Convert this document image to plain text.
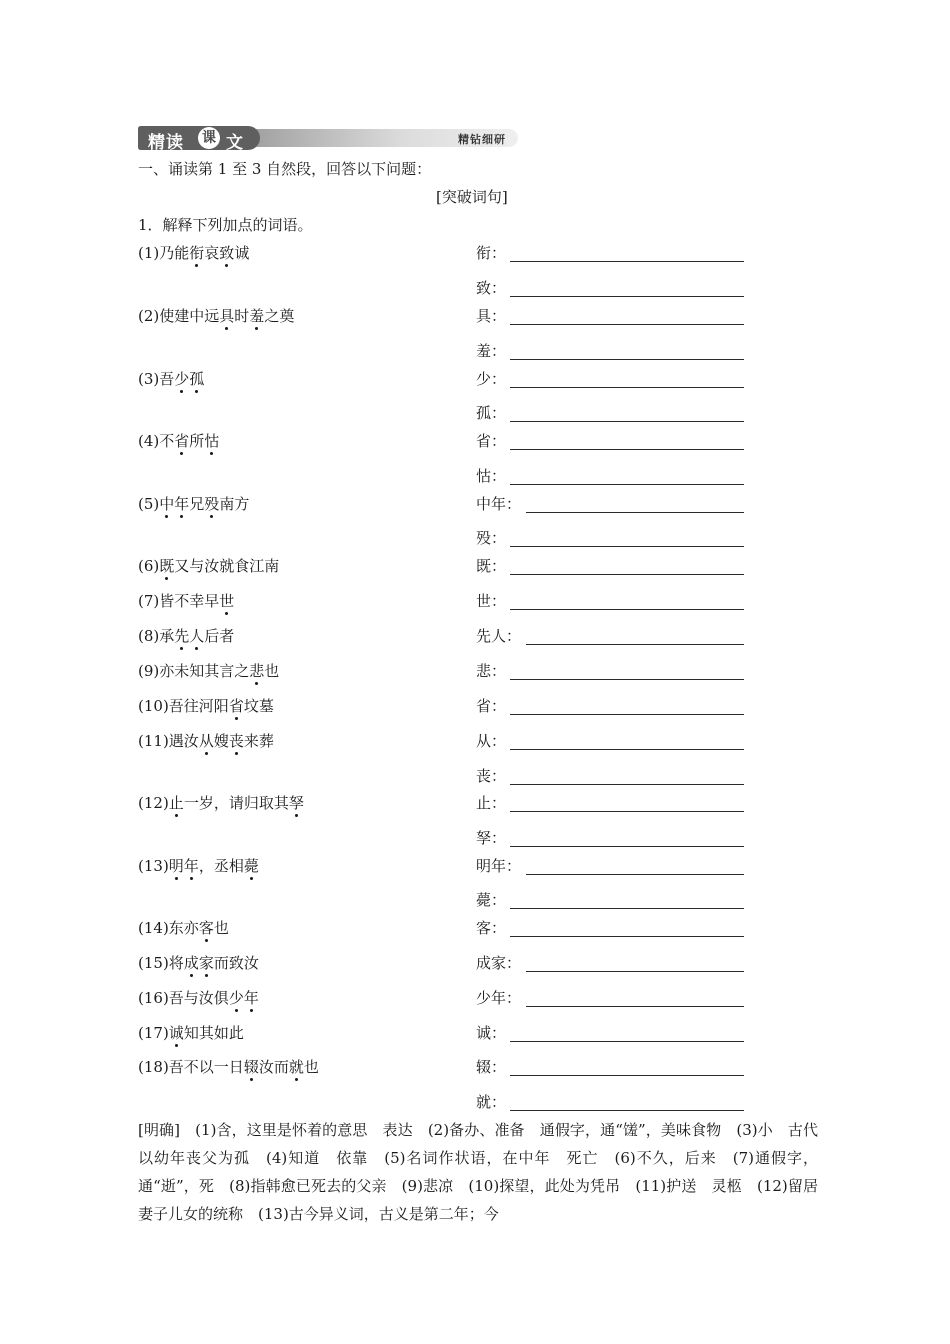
精读 课 文	精钻细研
一、诵读第 1 至 3 自然段，回答以下问题：
[突破词句]
1．解释下列加点的词语。
(1)乃能衔哀致诚
(2)使建中远具时羞之奠
(3)吾少孤
(4)不省所怙
(5)中年兄殁南方
(6)既又与汝就食江南
(7)皆不幸早世
(8)承先人后者
(9)亦未知其言之悲也
(10)吾往河阳省坟墓
(11)遇汝从嫂丧来葬
(12)止一岁，请归取其孥
(13)明年，丞相薨
(14)东亦客也
(15)将成家而致汝
(16)吾与汝俱少年
(17)诚知其如此
(18)吾不以一日辍汝而就也
衔：
致：
具：
羞：
少：
孤：
省：
怙：
中年：
殁：
既：
世：
先人：
悲：
省：
从：
丧：
止：
孥：
明年：
薨：
客：
成家：
少年：
诚：
辍：
就：
[明确]　(1)含，这里是怀着的意思　表达　(2)备办、准备　通假字，通“馐”，美味食物　(3)小　古代以幼年丧父为孤　(4)知道　依靠　(5)名词作状语，在中年　死亡　(6)不久，后来　(7)通假字，通“逝”，死　(8)指韩愈已死去的父亲　(9)悲凉　(10)探望，此处为凭吊　(11)护送　灵柩　(12)留居　妻子儿女的统称　(13)古今异义词，古义是第二年；今
